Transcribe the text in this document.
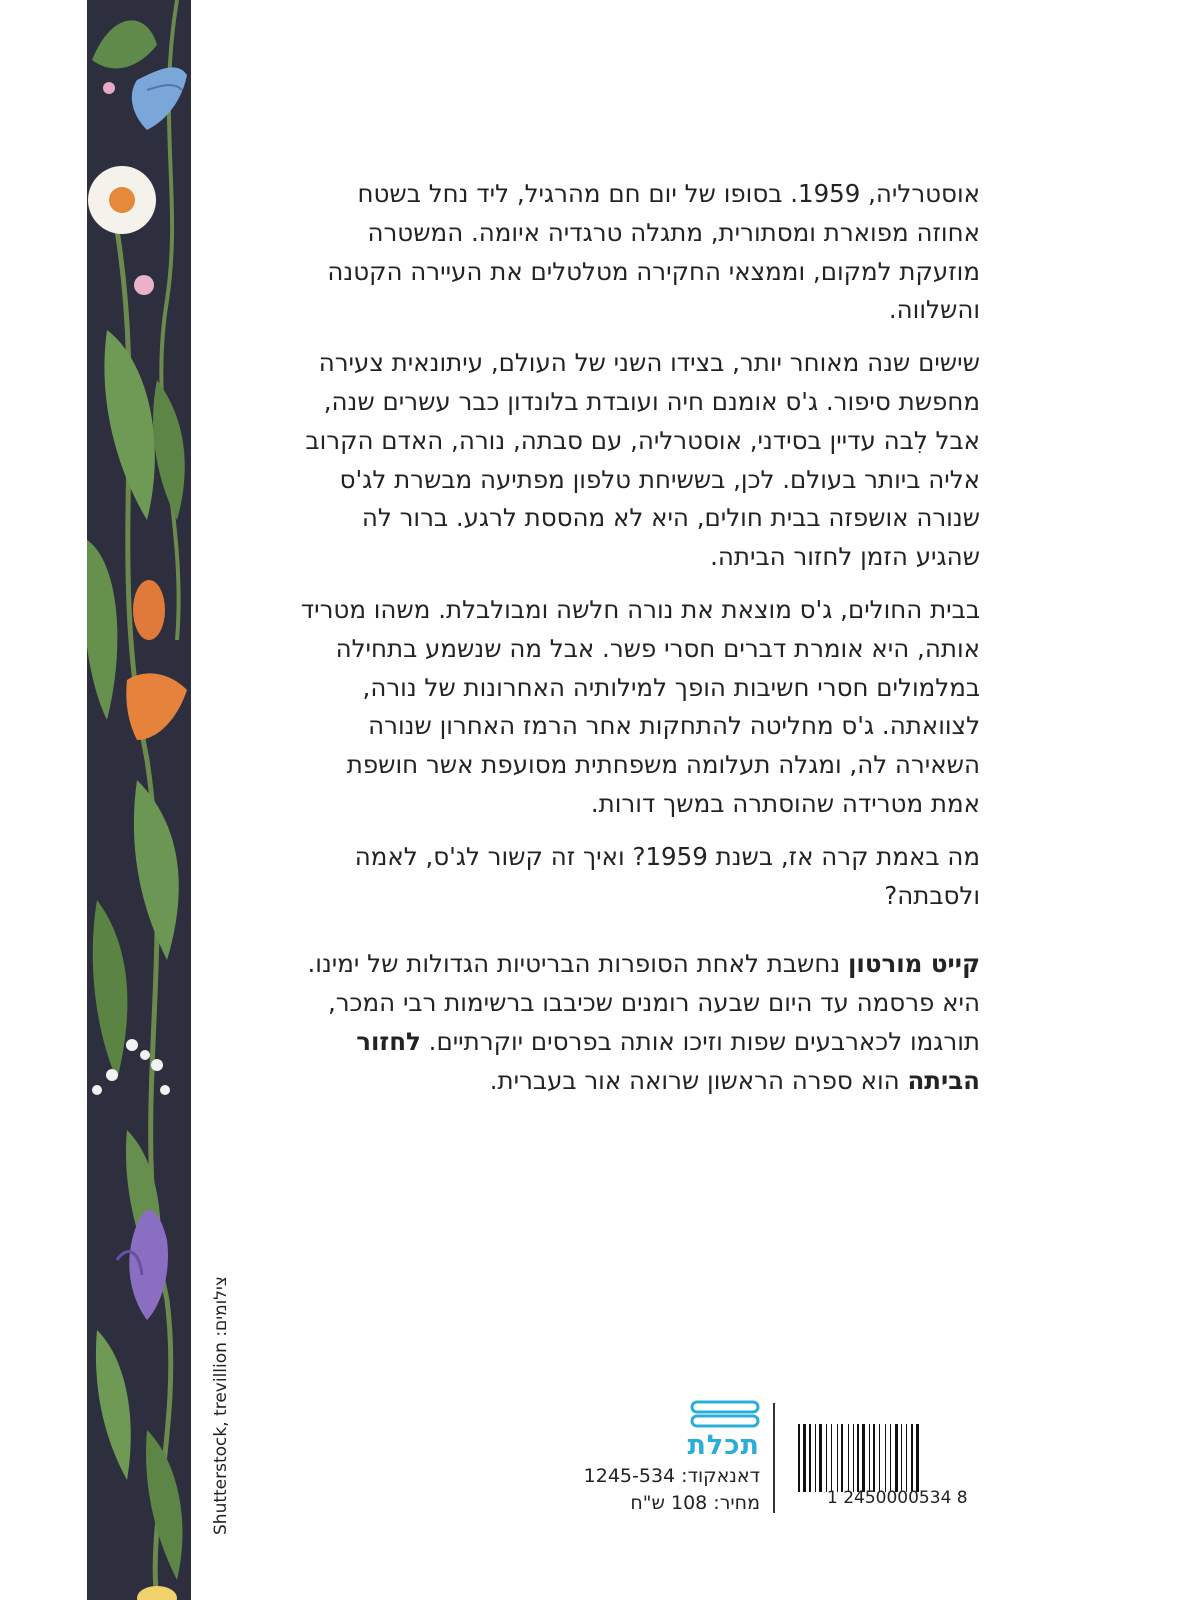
Shutterstock, trevillion :צילומים

אוסטרליה, 1959. בסופו של יום חם מהרגיל, ליד נחל בשטח אחוזה מפוארת ומסתורית, מתגלה טרגדיה איומה. המשטרה מוזעקת למקום, וממצאי החקירה מטלטלים את העיירה הקטנה והשלווה.

שישים שנה מאוחר יותר, בצידו השני של העולם, עיתונאית צעירה מחפשת סיפור. ג'ס אומנם חיה ועובדת בלונדון כבר עשרים שנה, אבל לִבה עדיין בסידני, אוסטרליה, עם סבתה, נורה, האדם הקרוב אליה ביותר בעולם. לכן, בששיחת טלפון מפתיעה מבשרת לג'ס שנורה אושפזה בבית חולים, היא לא מהססת לרגע. ברור לה שהגיע הזמן לחזור הביתה.

בבית החולים, ג'ס מוצאת את נורה חלשה ומבולבלת. משהו מטריד אותה, היא אומרת דברים חסרי פשר. אבל מה שנשמע בתחילה במלמולים חסרי חשיבות הופך למילותיה האחרונות של נורה, לצוואתה. ג'ס מחליטה להתחקות אחר הרמז האחרון שנורה השאירה לה, ומגלה תעלומה משפחתית מסועפת אשר חושפת אמת מטרידה שהוסתרה במשך דורות.

מה באמת קרה אז, בשנת 1959? ואיך זה קשור לג'ס, לאמה ולסבתה?

קייט מורטון נחשבת לאחת הסופרות הבריטיות הגדולות של ימינו. היא פרסמה עד היום שבעה רומנים שכיבבו ברשימות רבי המכר, תורגמו לכארבעים שפות וזיכו אותה בפרסים יוקרתיים. לחזור הביתה הוא ספרה הראשון שרואה אור בעברית.

תכלת
דאנאקוד: 1245-534
מחיר: 108 ש"ח	1 2450000534 8
